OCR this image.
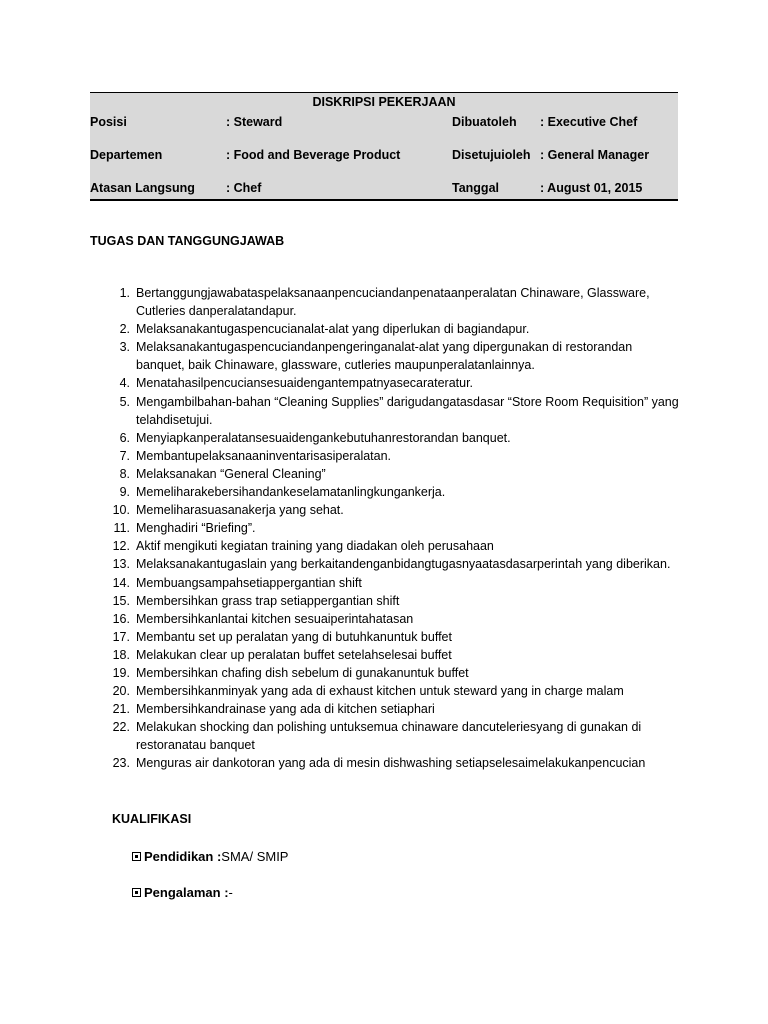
DISKRIPSI PEKERJAAN
Posisi	: Steward	Dibuatoleh : Executive Chef
Departemen	: Food and Beverage Product	Disetujuioleh : General Manager
Atasan Langsung : Chef	Tanggal	: August 01, 2015
TUGAS DAN TANGGUNGJAWAB
1. Bertanggungjawabataspelaksanaanpencuciandanpenataanperalatan Chinaware, Glassware, Cutleries danperalatandapur.
2. Melaksanakantugaspencucianalat-alat yang diperlukan di bagiandapur.
3. Melaksanakantugaspencuciandanpengeringanalat-alat yang dipergunakan di restorandan banquet, baik Chinaware, glassware, cutleries maupunperalatanlainnya.
4. Menatahasilpencuciansesuaidengantempatnyasecarateratur.
5. Mengambilbahan-bahan “Cleaning Supplies” darigudangatasdasar “Store Room Requisition” yang telahdisetujui.
6. Menyiapkanperalatansesuaidengankebutuhanrestorandan banquet.
7. Membantupelaksanaaninventarisasiperalatan.
8. Melaksanakan “General Cleaning”
9. Memeliharakebersihandankeselamatanlingkungankerja.
10. Memeliharasuasanakerja yang sehat.
11. Menghadiri “Briefing”.
12. Aktif mengikuti kegiatan training yang diadakan oleh perusahaan
13. Melaksanakantugaslain yang berkaitandenganbidangtugasnyaatasdasarperintah yang diberikan.
14. Membuangsampahsetiappergantian shift
15. Membersihkan grass trap setiappergantian shift
16. Membersihkanlantai kitchen sesuaiperintahatasan
17. Membantu set up peralatan yang di butuhkanuntuk buffet
18. Melakukan clear up peralatan buffet setelahselesai buffet
19. Membersihkan chafing dish sebelum di gunakanuntuk buffet
20. Membersihkanminyak yang ada di exhaust kitchen untuk steward yang in charge malam
21. Membersihkandrainase yang ada di kitchen setiaphari
22. Melakukan shocking dan polishing untuksemua chinaware dancuteleriesyang di gunakan di restoranatau banquet
23. Menguras air dankotoran yang ada di mesin dishwashing setiapselesaimelakukanpencucian
KUALIFIKASI
Pendidikan :SMA/ SMIP
Pengalaman :-
